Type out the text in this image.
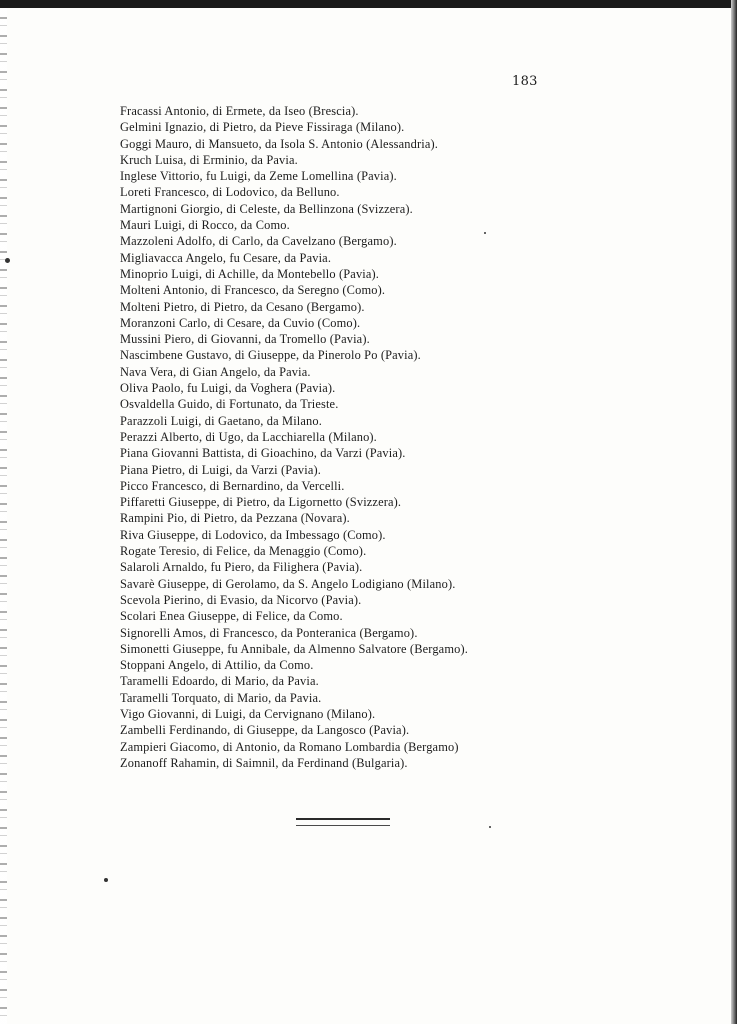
183
Fracassi Antonio, di Ermete, da Iseo (Brescia).
Gelmini Ignazio, di Pietro, da Pieve Fissiraga (Milano).
Goggi Mauro, di Mansueto, da Isola S. Antonio (Alessandria).
Kruch Luisa, di Erminio, da Pavia.
Inglese Vittorio, fu Luigi, da Zeme Lomellina (Pavia).
Loreti Francesco, di Lodovico, da Belluno.
Martignoni Giorgio, di Celeste, da Bellinzona (Svizzera).
Mauri Luigi, di Rocco, da Como.
Mazzoleni Adolfo, di Carlo, da Cavelzano (Bergamo).
Migliavacca Angelo, fu Cesare, da Pavia.
Minoprio Luigi, di Achille, da Montebello (Pavia).
Molteni Antonio, di Francesco, da Seregno (Como).
Molteni Pietro, di Pietro, da Cesano (Bergamo).
Moranzoni Carlo, di Cesare, da Cuvio (Como).
Mussini Piero, di Giovanni, da Tromello (Pavia).
Nascimbene Gustavo, di Giuseppe, da Pinerolo Po (Pavia).
Nava Vera, di Gian Angelo, da Pavia.
Oliva Paolo, fu Luigi, da Voghera (Pavia).
Osvaldella Guido, di Fortunato, da Trieste.
Parazzoli Luigi, di Gaetano, da Milano.
Perazzi Alberto, di Ugo, da Lacchiarella (Milano).
Piana Giovanni Battista, di Gioachino, da Varzi (Pavia).
Piana Pietro, di Luigi, da Varzi (Pavia).
Picco Francesco, di Bernardino, da Vercelli.
Piffaretti Giuseppe, di Pietro, da Ligornetto (Svizzera).
Rampini Pio, di Pietro, da Pezzana (Novara).
Riva Giuseppe, di Lodovico, da Imbessago (Como).
Rogate Teresio, di Felice, da Menaggio (Como).
Salaroli Arnaldo, fu Piero, da Filighera (Pavia).
Savarè Giuseppe, di Gerolamo, da S. Angelo Lodigiano (Milano).
Scevola Pierino, di Evasio, da Nicorvo (Pavia).
Scolari Enea Giuseppe, di Felice, da Como.
Signorelli Amos, di Francesco, da Ponteranica (Bergamo).
Simonetti Giuseppe, fu Annibale, da Almenno Salvatore (Bergamo).
Stoppani Angelo, di Attilio, da Como.
Taramelli Edoardo, di Mario, da Pavia.
Taramelli Torquato, di Mario, da Pavia.
Vigo Giovanni, di Luigi, da Cervignano (Milano).
Zambelli Ferdinando, di Giuseppe, da Langosco (Pavia).
Zampieri Giacomo, di Antonio, da Romano Lombardia (Bergamo)
Zonanoff Rahamin, di Saimnil, da Ferdinand (Bulgaria).
